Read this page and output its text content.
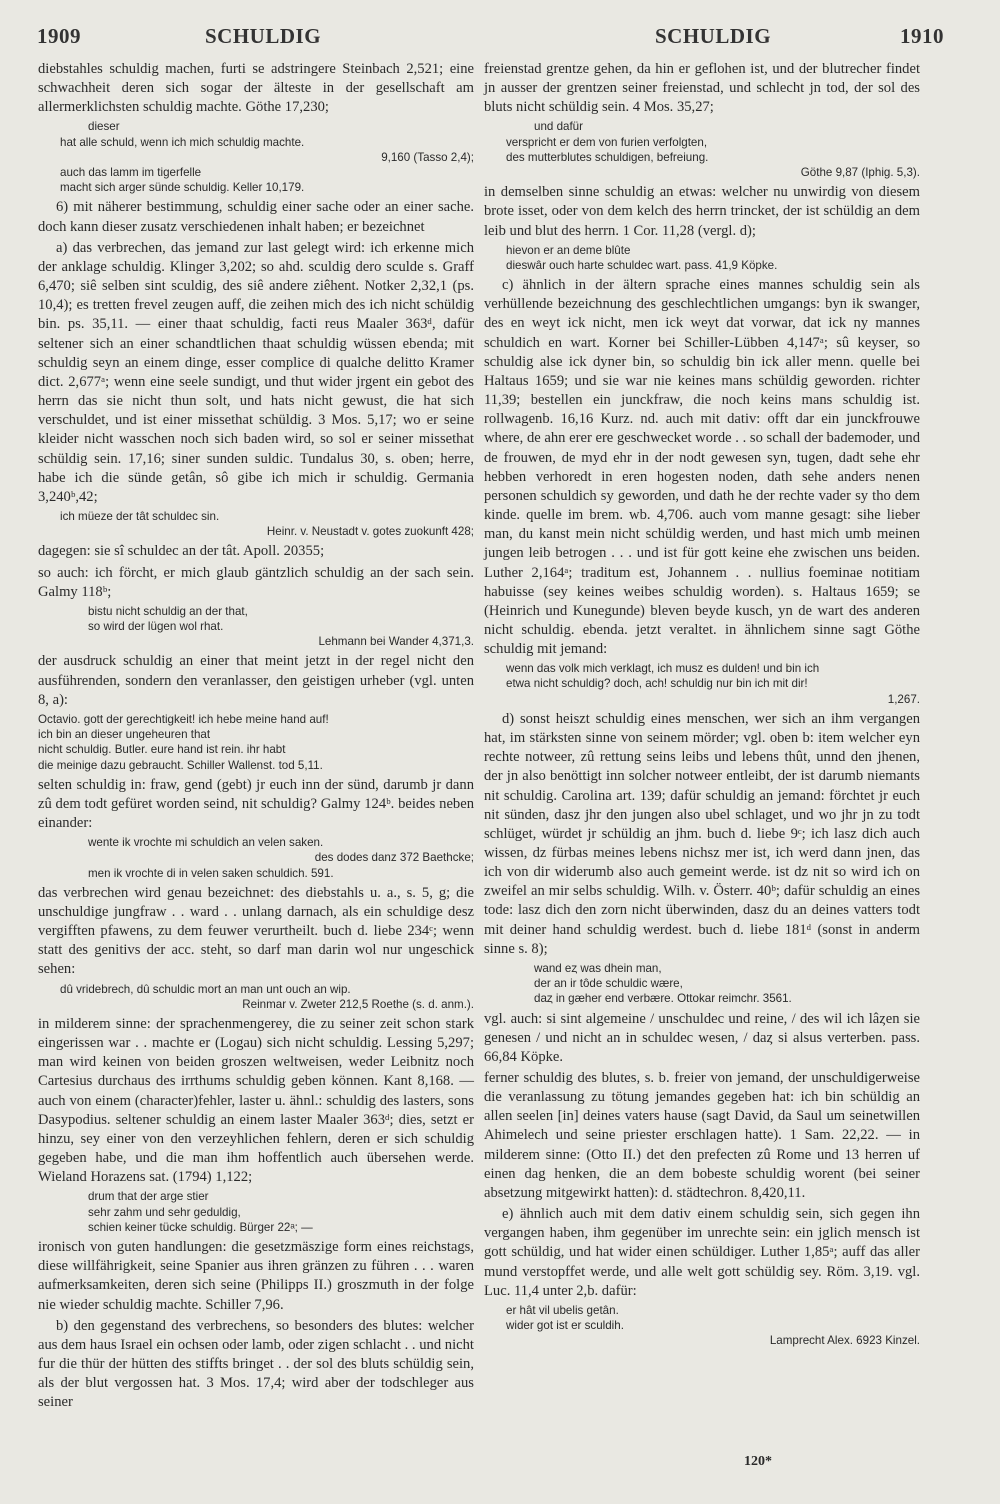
1909	SCHULDIG	SCHULDIG	1910

diebstahles schuldig machen, furti se adstringere Steinbach 2,521; eine schwachheit deren sich sogar der älteste in der gesellschaft am allermerklichsten schuldig machte. Göthe 17,230;

dieser
hat alle schuld, wenn ich mich schuldig machte.
9,160 (Tasso 2,4);
auch das lamm im tigerfelle
macht sich arger sünde schuldig. Keller 10,179.

6) mit näherer bestimmung, schuldig einer sache oder an einer sache. doch kann dieser zusatz verschiedenen inhalt haben; er bezeichnet

a) das verbrechen, das jemand zur last gelegt wird: ich erkenne mich der anklage schuldig. Klinger 3,202; so ahd. sculdig dero sculde s. Graff 6,470; siê selben sint sculdig, des siê andere ziêhent. Notker 2,32,1 (ps. 10,4); es tretten frevel zeugen auff, die zeihen mich des ich nicht schüldig bin. ps. 35,11. — einer thaat schuldig, facti reus Maaler 363ᵈ, dafür seltener sich an einer schandtlichen thaat schuldig wüssen ebenda; mit schuldig seyn an einem dinge, esser complice di qualche delitto Kramer dict. 2,677ᵃ; wenn eine seele sundigt, und thut wider jrgent ein gebot des herrn das sie nicht thun solt, und hats nicht gewust, die hat sich verschuldet, und ist einer missethat schüldig. 3 Mos. 5,17; wo er seine kleider nicht wasschen noch sich baden wird, so sol er seiner missethat schüldig sein. 17,16; siner sunden suldic. Tundalus 30, s. oben; herre, habe ich die sünde getân, sô gibe ich mich ir schuldig. Germania 3,240ᵇ,42;

ich müeze der tât schuldec sin.
Heinr. v. Neustadt v. gotes zuokunft 428;

dagegen: sie sî schuldec an der tât. Apoll. 20355;

so auch: ich förcht, er mich glaub gäntzlich schuldig an der sach sein. Galmy 118ᵇ;

bistu nicht schuldig an der that,
so wird der lügen wol rhat.
Lehmann bei Wander 4,371,3.

der ausdruck schuldig an einer that meint jetzt in der regel nicht den ausführenden, sondern den veranlasser, den geistigen urheber (vgl. unten 8, a):

Octavio. gott der gerechtigkeit! ich hebe meine hand auf!
ich bin an dieser ungeheuren that
nicht schuldig. Butler. eure hand ist rein. ihr habt
die meinige dazu gebraucht. Schiller Wallenst. tod 5,11.

selten schuldig in: fraw, gend (gebt) jr euch inn der sünd, darumb jr dann zû dem todt gefüret worden seind, nit schuldig? Galmy 124ᵇ. beides neben einander:

wente ik vrochte mi schuldich an velen saken.
des dodes danz 372 Baethcke;
men ik vrochte di in velen saken schuldich. 591.

das verbrechen wird genau bezeichnet: des diebstahls u. a., s. 5, g; die unschuldige jungfraw . . ward . . unlang darnach, als ein schuldige desz vergifften pfawens, zu dem feuwer verurtheilt. buch d. liebe 234ᶜ; wenn statt des genitivs der acc. steht, so darf man darin wol nur ungeschick sehen:

dû vridebrech, dû schuldic mort an man unt ouch an wip.
Reinmar v. Zweter 212,5 Roethe (s. d. anm.).

in milderem sinne: der sprachenmengerey, die zu seiner zeit schon stark eingerissen war . . machte er (Logau) sich nicht schuldig. Lessing 5,297; man wird keinen von beiden groszen weltweisen, weder Leibnitz noch Cartesius durchaus des irrthums schuldig geben können. Kant 8,168. — auch von einem (character)fehler, laster u. ähnl.: schuldig des lasters, sons Dasypodius. seltener schuldig an einem laster Maaler 363ᵈ; dies, setzt er hinzu, sey einer von den verzeyhlichen fehlern, deren er sich schuldig gegeben habe, und die man ihm hoffentlich auch übersehen werde. Wieland Horazens sat. (1794) 1,122;

drum that der arge stier
sehr zahm und sehr geduldig,
schien keiner tücke schuldig. Bürger 22ᵃ; —

ironisch von guten handlungen: die gesetzmäszige form eines reichstags, diese willfährigkeit, seine Spanier aus ihren gränzen zu führen . . . waren aufmerksamkeiten, deren sich seine (Philipps II.) groszmuth in der folge nie wieder schuldig machte. Schiller 7,96.

b) den gegenstand des verbrechens, so besonders des blutes: welcher aus dem haus Israel ein ochsen oder lamb, oder zigen schlacht . . und nicht fur die thür der hütten des stiffts bringet . . der sol des bluts schüldig sein, als der blut vergossen hat. 3 Mos. 17,4; wird aber der todschleger aus seiner

freienstad grentze gehen, da hin er geflohen ist, und der blutrecher findet jn ausser der grentzen seiner freienstad, und schlecht jn tod, der sol des bluts nicht schüldig sein. 4 Mos. 35,27;

und dafür
verspricht er dem von furien verfolgten,
des mutterblutes schuldigen, befreiung.
Göthe 9,87 (Iphig. 5,3).

in demselben sinne schuldig an etwas: welcher nu unwirdig von diesem brote isset, oder von dem kelch des herrn trincket, der ist schüldig an dem leib und blut des herrn. 1 Cor. 11,28 (vergl. d);

hievon er an deme blûte
dieswâr ouch harte schuldec wart. pass. 41,9 Köpke.

c) ähnlich in der ältern sprache eines mannes schuldig sein als verhüllende bezeichnung des geschlechtlichen umgangs: byn ik swanger, des en weyt ick nicht, men ick weyt dat vorwar, dat ick ny mannes schuldich en wart. Korner bei Schiller-Lübben 4,147ᵃ; sû keyser, so schuldig alse ick dyner bin, so schuldig bin ick aller menn. quelle bei Haltaus 1659; und sie war nie keines mans schüldig geworden. richter 11,39; bestellen ein junckfraw, die noch keins mans schuldig ist. rollwagenb. 16,16 Kurz. nd. auch mit dativ: offt dar ein junckfrouwe where, de ahn erer ere geschwecket worde . . so schall der bademoder, und de frouwen, de myd ehr in der nodt gewesen syn, tugen, dadt sehe ehr hebben verhoredt in eren hogesten noden, dath sehe anders nenen personen schuldich sy geworden, und dath he der rechte vader sy tho dem kinde. quelle im brem. wb. 4,706. auch vom manne gesagt: sihe lieber man, du kanst mein nicht schüldig werden, und hast mich umb meinen jungen leib betrogen . . . und ist für gott keine ehe zwischen uns beiden. Luther 2,164ᵃ; traditum est, Johannem . . nullius foeminae notitiam habuisse (sey keines weibes schuldig worden). s. Haltaus 1659; se (Heinrich und Kunegunde) bleven beyde kusch, yn de wart des anderen nicht schuldig. ebenda. jetzt veraltet. in ähnlichem sinne sagt Göthe schuldig mit jemand:

wenn das volk mich verklagt, ich musz es dulden! und bin ich
etwa nicht schuldig? doch, ach! schuldig nur bin ich mit dir!
1,267.

d) sonst heiszt schuldig eines menschen, wer sich an ihm vergangen hat, im stärksten sinne von seinem mörder; vgl. oben b: item welcher eyn rechte notweer, zû rettung seins leibs und lebens thût, unnd den jhenen, der jn also benöttigt inn solcher notweer entleibt, der ist darumb niemants nit schuldig. Carolina art. 139; dafür schuldig an jemand: förchtet jr euch nit sünden, dasz jhr den jungen also ubel schlaget, und wo jhr jn zu todt schlüget, würdet jr schüldig an jhm. buch d. liebe 9ᶜ; ich lasz dich auch wissen, dz fürbas meines lebens nichsz mer ist, ich werd dann jnen, das ich von dir widerumb also auch gemeint werde. ist dz nit so wird ich on zweifel an mir selbs schuldig. Wilh. v. Österr. 40ᵇ; dafür schuldig an eines tode: lasz dich den zorn nicht überwinden, dasz du an deines vatters todt mit deiner hand schuldig werdest. buch d. liebe 181ᵈ (sonst in anderm sinne s. 8);

wand eȥ was dhein man,
der an ir tôde schuldic wære,
daȥ in gæher end verbære. Ottokar reimchr. 3561.

vgl. auch: si sint algemeine / unschuldec und reine, / des wil ich lâȥen sie genesen / und nicht an in schuldec wesen, / daȥ si alsus verterben. pass. 66,84 Köpke.

ferner schuldig des blutes, s. b. freier von jemand, der unschuldigerweise die veranlassung zu tötung jemandes gegeben hat: ich bin schüldig an allen seelen [in] deines vaters hause (sagt David, da Saul um seinetwillen Ahimelech und seine priester erschlagen hatte). 1 Sam. 22,22. — in milderem sinne: (Otto II.) det den prefecten zû Rome und 13 herren uf einen dag henken, die an dem bobeste schuldig worent (bei seiner absetzung mitgewirkt hatten): d. städtechron. 8,420,11.

e) ähnlich auch mit dem dativ einem schuldig sein, sich gegen ihn vergangen haben, ihm gegenüber im unrechte sein: ein jglich mensch ist gott schüldig, und hat wider einen schüldiger. Luther 1,85ᵃ; auff das aller mund verstopffet werde, und alle welt gott schüldig sey. Röm. 3,19. vgl. Luc. 11,4 unter 2,b. dafür:

er hât vil ubelis getân.
wider got ist er sculdih.
Lamprecht Alex. 6923 Kinzel.
120*
